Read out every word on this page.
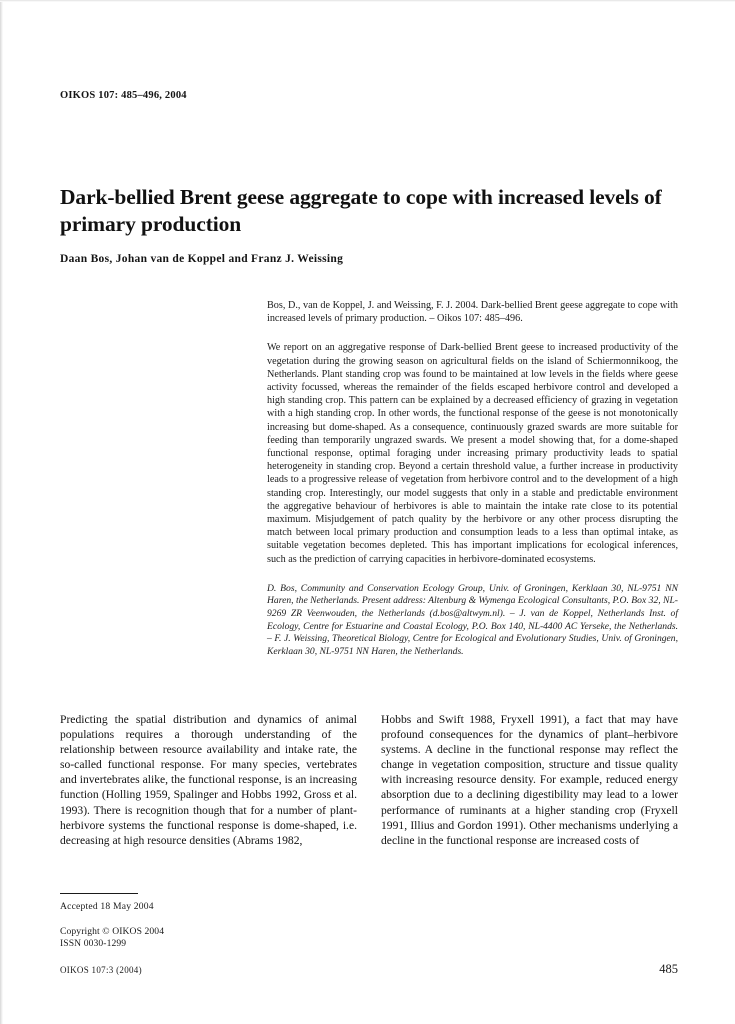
OIKOS 107: 485–496, 2004
Dark-bellied Brent geese aggregate to cope with increased levels of primary production
Daan Bos, Johan van de Koppel and Franz J. Weissing
Bos, D., van de Koppel, J. and Weissing, F. J. 2004. Dark-bellied Brent geese aggregate to cope with increased levels of primary production. – Oikos 107: 485–496.
We report on an aggregative response of Dark-bellied Brent geese to increased productivity of the vegetation during the growing season on agricultural fields on the island of Schiermonnikoog, the Netherlands. Plant standing crop was found to be maintained at low levels in the fields where geese activity focussed, whereas the remainder of the fields escaped herbivore control and developed a high standing crop. This pattern can be explained by a decreased efficiency of grazing in vegetation with a high standing crop. In other words, the functional response of the geese is not monotonically increasing but dome-shaped. As a consequence, continuously grazed swards are more suitable for feeding than temporarily ungrazed swards. We present a model showing that, for a dome-shaped functional response, optimal foraging under increasing primary productivity leads to spatial heterogeneity in standing crop. Beyond a certain threshold value, a further increase in productivity leads to a progressive release of vegetation from herbivore control and to the development of a high standing crop. Interestingly, our model suggests that only in a stable and predictable environment the aggregative behaviour of herbivores is able to maintain the intake rate close to its potential maximum. Misjudgement of patch quality by the herbivore or any other process disrupting the match between local primary production and consumption leads to a less than optimal intake, as suitable vegetation becomes depleted. This has important implications for ecological inferences, such as the prediction of carrying capacities in herbivore-dominated ecosystems.
D. Bos, Community and Conservation Ecology Group, Univ. of Groningen, Kerklaan 30, NL-9751 NN Haren, the Netherlands. Present address: Altenburg & Wymenga Ecological Consultants, P.O. Box 32, NL-9269 ZR Veenwouden, the Netherlands (d.bos@altwym.nl). – J. van de Koppel, Netherlands Inst. of Ecology, Centre for Estuarine and Coastal Ecology, P.O. Box 140, NL-4400 AC Yerseke, the Netherlands. – F. J. Weissing, Theoretical Biology, Centre for Ecological and Evolutionary Studies, Univ. of Groningen, Kerklaan 30, NL-9751 NN Haren, the Netherlands.
Predicting the spatial distribution and dynamics of animal populations requires a thorough understanding of the relationship between resource availability and intake rate, the so-called functional response. For many species, vertebrates and invertebrates alike, the functional response, is an increasing function (Holling 1959, Spalinger and Hobbs 1992, Gross et al. 1993). There is recognition though that for a number of plant-herbivore systems the functional response is dome-shaped, i.e. decreasing at high resource densities (Abrams 1982,
Hobbs and Swift 1988, Fryxell 1991), a fact that may have profound consequences for the dynamics of plant–herbivore systems. A decline in the functional response may reflect the change in vegetation composition, structure and tissue quality with increasing resource density. For example, reduced energy absorption due to a declining digestibility may lead to a lower performance of ruminants at a higher standing crop (Fryxell 1991, Illius and Gordon 1991). Other mechanisms underlying a decline in the functional response are increased costs of
Accepted 18 May 2004
Copyright © OIKOS 2004
ISSN 0030-1299
OIKOS 107:3 (2004)	485
